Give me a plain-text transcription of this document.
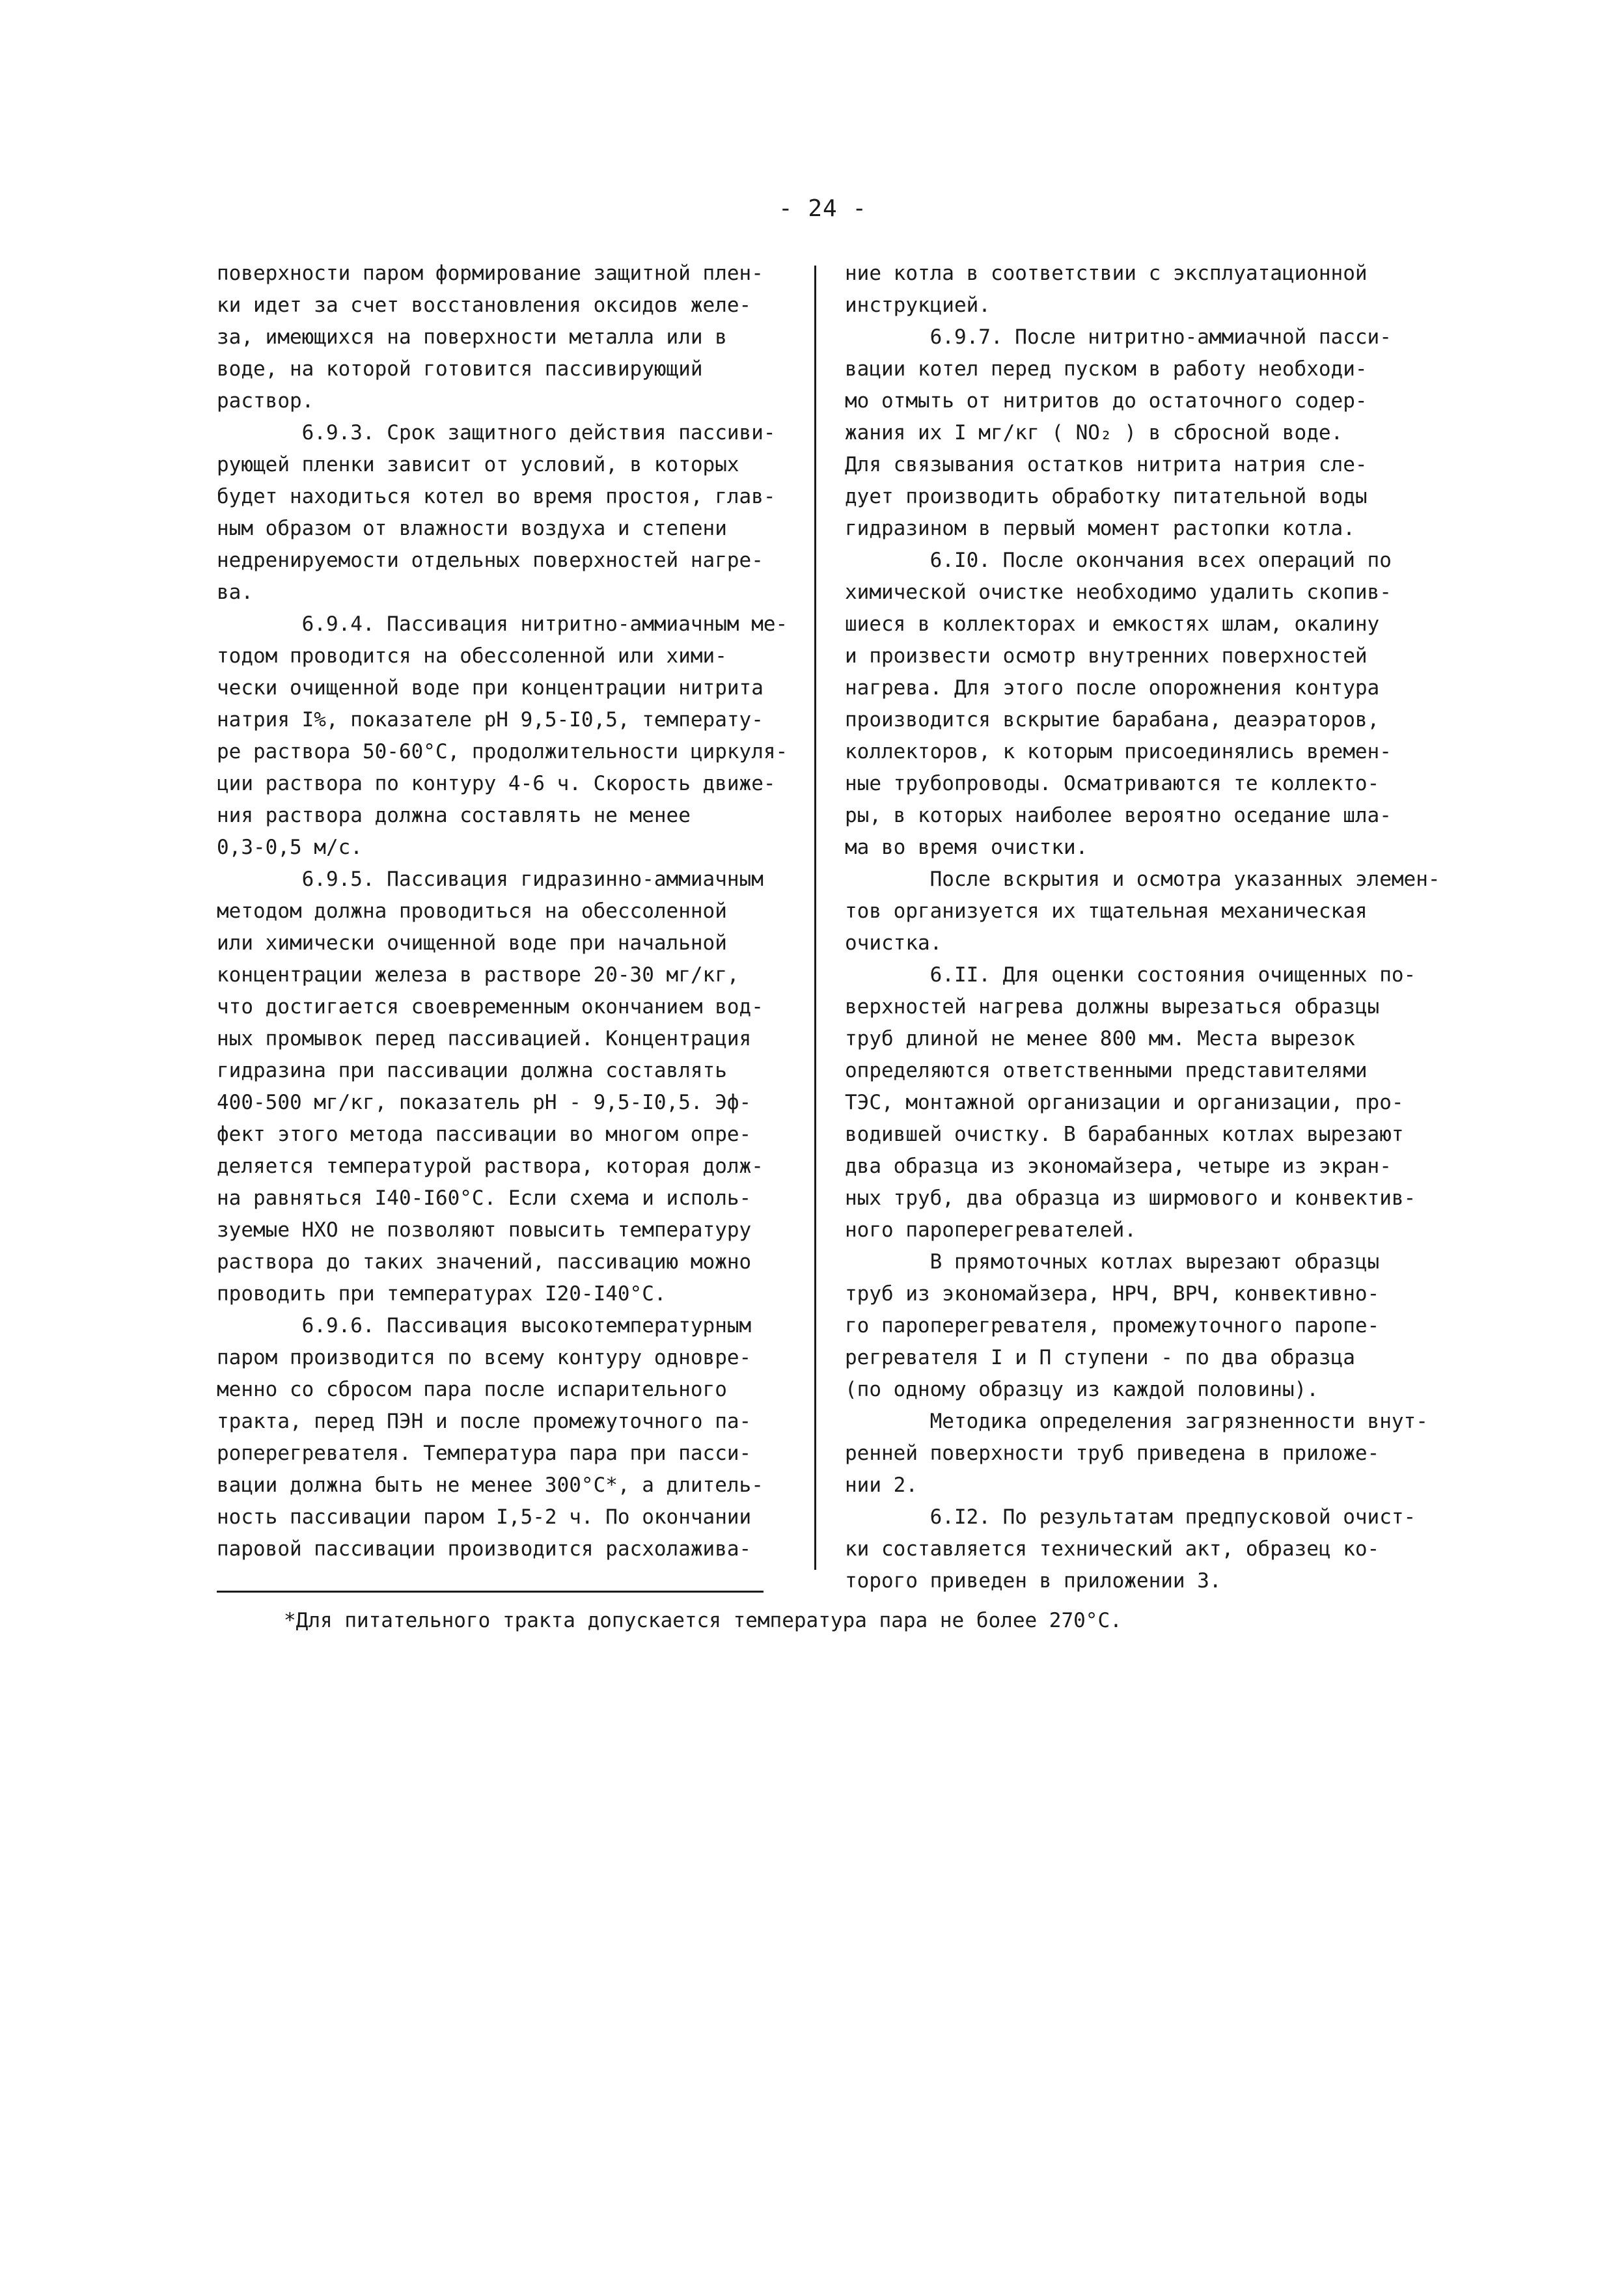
- 24 -
поверхности паром формирование защитной плен-
ки идет за счет восстановления оксидов желе-
за, имеющихся на поверхности металла или в
воде, на которой готовится пассивирующий
раствор.
6.9.3. Срок защитного действия пассиви-
рующей пленки зависит от условий, в которых
будет находиться котел во время простоя, глав-
ным образом от влажности воздуха и степени
недренируемости отдельных поверхностей нагре-
ва.
6.9.4. Пассивация нитритно-аммиачным ме-
тодом проводится на обессоленной или хими-
чески очищенной воде при концентрации нитрита
натрия I%, показателе pH 9,5-I0,5, температу-
ре раствора 50-60°С, продолжительности циркуля-
ции раствора по контуру 4-6 ч. Скорость движе-
ния раствора должна составлять не менее
0,3-0,5 м/с.
6.9.5. Пассивация гидразинно-аммиачным
методом должна проводиться на обессоленной
или химически очищенной воде при начальной
концентрации железа в растворе 20-30 мг/кг,
что достигается своевременным окончанием вод-
ных промывок перед пассивацией. Концентрация
гидразина при пассивации должна составлять
400-500 мг/кг, показатель pH - 9,5-I0,5. Эф-
фект этого метода пассивации во многом опре-
деляется температурой раствора, которая долж-
на равняться I40-I60°С. Если схема и исполь-
зуемые НХО не позволяют повысить температуру
раствора до таких значений, пассивацию можно
проводить при температурах I20-I40°С.
6.9.6. Пассивация высокотемпературным
паром производится по всему контуру одновре-
менно со сбросом пара после испарительного
тракта, перед ПЭН и после промежуточного па-
роперегревателя. Температура пара при пасси-
вации должна быть не менее 300°С*, а длитель-
ность пассивации паром I,5-2 ч. По окончании
паровой пассивации производится расхолажива-
ние котла в соответствии с эксплуатационной
инструкцией.
6.9.7. После нитритно-аммиачной пасси-
вации котел перед пуском в работу необходи-
мо отмыть от нитритов до остаточного содер-
жания их I мг/кг ( NO₂ ) в сбросной воде.
Для связывания остатков нитрита натрия сле-
дует производить обработку питательной воды
гидразином в первый момент растопки котла.
6.I0. После окончания всех операций по
химической очистке необходимо удалить скопив-
шиеся в коллекторах и емкостях шлам, окалину
и произвести осмотр внутренних поверхностей
нагрева. Для этого после опорожнения контура
производится вскрытие барабана, деаэраторов,
коллекторов, к которым присоединялись времен-
ные трубопроводы. Осматриваются те коллекто-
ры, в которых наиболее вероятно оседание шла-
ма во время очистки.
После вскрытия и осмотра указанных элемен-
тов организуется их тщательная механическая
очистка.
6.II. Для оценки состояния очищенных по-
верхностей нагрева должны вырезаться образцы
труб длиной не менее 800 мм. Места вырезок
определяются ответственными представителями
ТЭС, монтажной организации и организации, про-
водившей очистку. В барабанных котлах вырезают
два образца из экономайзера, четыре из экран-
ных труб, два образца из ширмового и конвектив-
ного пароперегревателей.
В прямоточных котлах вырезают образцы
труб из экономайзера, НРЧ, ВРЧ, конвективно-
го пароперегревателя, промежуточного паропе-
регревателя I и П ступени - по два образца
(по одному образцу из каждой половины).
Методика определения загрязненности внут-
ренней поверхности труб приведена в приложе-
нии 2.
6.I2. По результатам предпусковой очист-
ки составляется технический акт, образец ко-
торого приведен в приложении 3.
*Для питательного тракта допускается температура пара не более 270°С.
